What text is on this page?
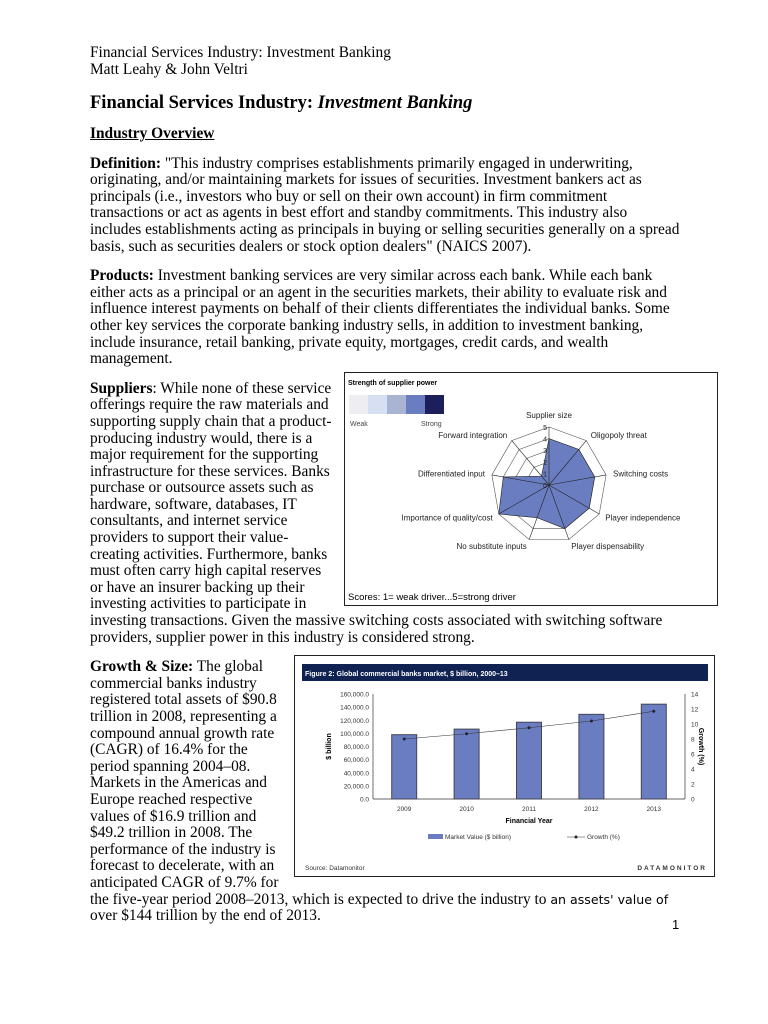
Financial Services Industry: Investment Banking
Matt Leahy & John Veltri
Financial Services Industry: Investment Banking
Industry Overview

Definition: "This industry comprises establishments primarily engaged in underwriting, originating, and/or maintaining markets for issues of securities. Investment bankers act as principals (i.e., investors who buy or sell on their own account) in firm commitment transactions or act as agents in best effort and standby commitments. This industry also includes establishments acting as principals in buying or selling securities generally on a spread basis, such as securities dealers or stock option dealers" (NAICS 2007).

Products: Investment banking services are very similar across each bank. While each bank either acts as a principal or an agent in the securities markets, their ability to evaluate risk and influence interest payments on behalf of their clients differentiates the individual banks. Some other key services the corporate banking industry sells, in addition to investment banking, include insurance, retail banking, private equity, mortgages, credit cards, and wealth management.

Strength of supplier power
Weak	Strong
Supplier size
Oligopoly threat
Switching costs
Player independence
Player dispensability
No substitute inputs
Importance of quality/cost
Differentiated input
Forward integration
0
1
2
3
4
5
Scores: 1= weak driver...5=strong driver
Suppliers: While none of these service offerings require the raw materials and supporting supply chain that a product-producing industry would, there is a major requirement for the supporting infrastructure for these services. Banks purchase or outsource assets such as hardware, software, databases, IT consultants, and internet service providers to support their value-creating activities. Furthermore, banks must often carry high capital reserves or have an insurer backing up their investing activities to participate in investing transactions. Given the massive switching costs associated with switching software providers, supplier power in this industry is considered strong.

Figure 2: Global commercial banks market, $ billion, 2000–13
0.0
20,000.0
40,000.0
60,000.0
80,000.0
100,000.0
120,000.0
140,000.0
160,000.0
0
2
4
6
8
10
12
14
2009	2010	2011	2012	2013
Financial Year
$ billion	Growth (%)
Market Value ($ billion)	Growth (%)
Source: Datamonitor	DATAMONITOR
Growth & Size: The global commercial banks industry registered total assets of $90.8 trillion in 2008, representing a compound annual growth rate (CAGR) of 16.4% for the period spanning 2004–08. Markets in the Americas and Europe reached respective values of $16.9 trillion and $49.2 trillion in 2008. The performance of the industry is forecast to decelerate, with an anticipated CAGR of 9.7% for the five-year period 2008–2013, which is expected to drive the industry to an assets' value of over $144 trillion by the end of 2013.

1
